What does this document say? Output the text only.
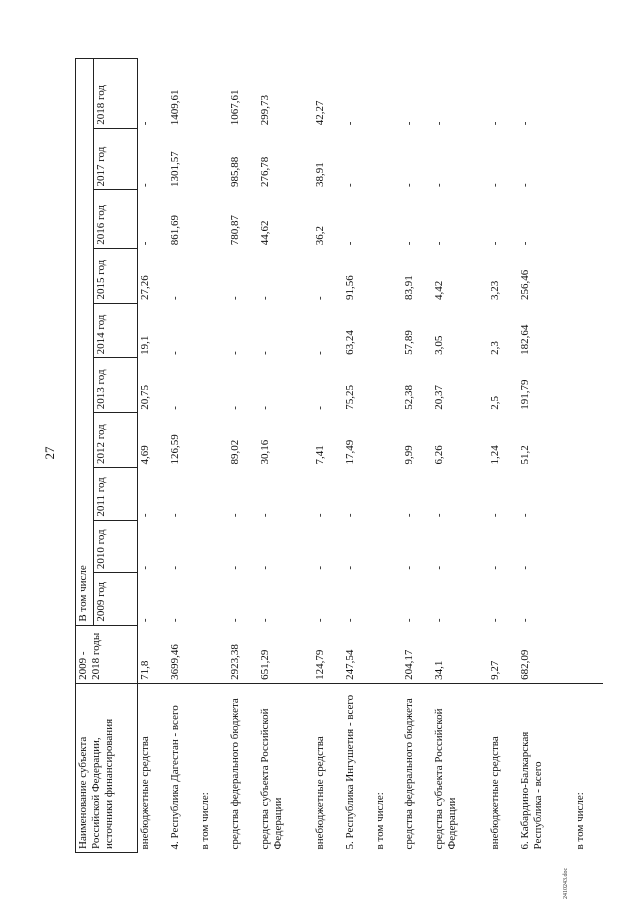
27
Наименование субъекта Российской Федерации, источники финансирования	2009 - 2018 годы	В том числе									
		2009 год	2010 год	2011 год	2012 год	2013 год	2014 год	2015 год	2016 год	2017 год	2018 год
внебюджетные средства	71,8	-	-	-	4,69	20,75	19,1	27,26	-	-	-
4. Республика Дагестан - всего	3699,46	-	-	-	126,59	-	-	-	861,69	1301,57	1409,61
в том числе:											
средства федерального бюджета	2923,38	-	-	-	89,02	-	-	-	780,87	985,88	1067,61
средства субъекта Российской Федерации	651,29	-	-	-	30,16	-	-	-	44,62	276,78	299,73
внебюджетные средства	124,79	-	-	-	7,41	-	-	-	36,2	38,91	42,27
5. Республика Ингушетия - всего	247,54	-	-	-	17,49	75,25	63,24	91,56	-	-	-
в том числе:											
средства федерального бюджета	204,17	-	-	-	9,99	52,38	57,89	83,91	-	-	-
средства субъекта Российской Федерации	34,1	-	-	-	6,26	20,37	3,05	4,42	-	-	-
внебюджетные средства	9,27	-	-	-	1,24	2,5	2,3	3,23	-	-	-
6. Кабардино-Балкарская Республика - всего	682,09	-	-	-	51,2	191,79	182,64	256,46	-	-	-
в том числе:											
2410243.doc
